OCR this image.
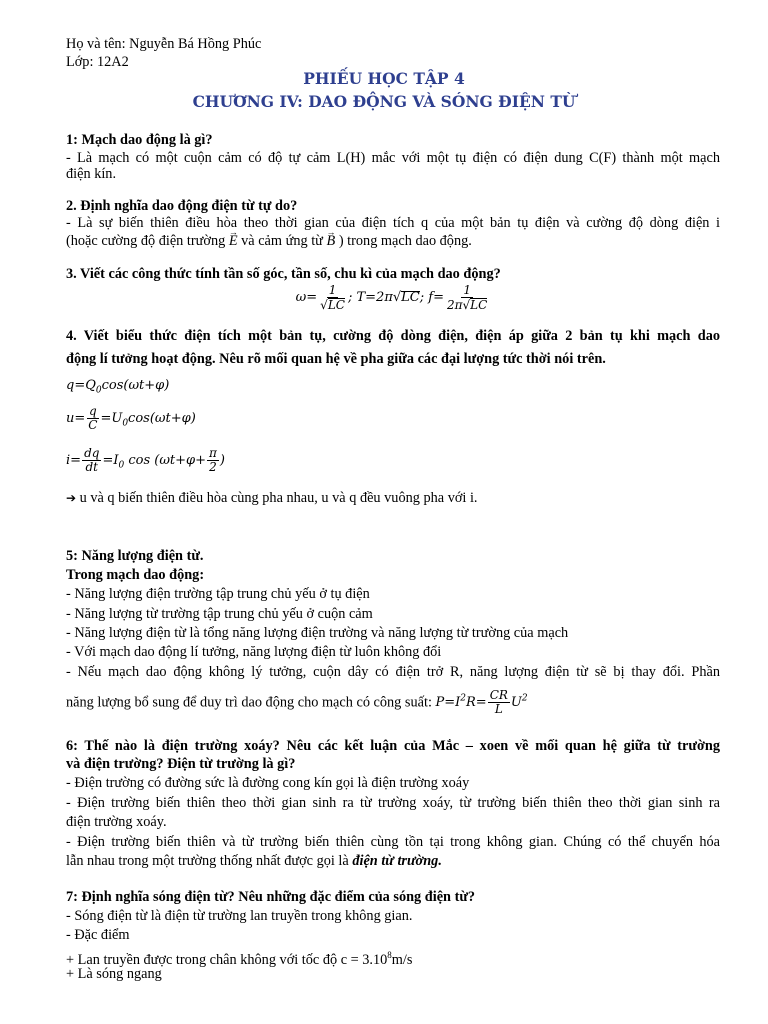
Họ và tên: Nguyễn Bá Hồng Phúc
Lớp: 12A2
PHIẾU HỌC TẬP 4
CHƯƠNG IV: DAO ĐỘNG VÀ SÓNG ĐIỆN TỪ
1: Mạch dao động là gì?
- Là mạch có một cuộn cảm có độ tự cảm L(H) mắc với một tụ điện có điện dung C(F) thành một mạch
điện kín.
2. Định nghĩa dao động điện từ tự do?
- Là sự biến thiên điều hòa theo thời gian của điện tích q của một bản tụ điện và cường độ dòng điện i
(hoặc cường độ điện trường → E và cảm ứng từ → B ) trong mạch dao động.
3. Viết các công thức tính tần số góc, tần số, chu kì của mạch dao động?
$\omega= \frac{1}{√LC}$ ; T=2π√LC; $f= \frac{1}{2\pi√LC}$
4. Viết biểu thức điện tích một bản tụ, cường độ dòng điện, điện áp giữa 2 bản tụ khi mạch dao
động lí tưởng hoạt động. Nêu rõ mối quan hệ về pha giữa các đại lượng tức thời nói trên.
$q=Q_0\cos(\omega t+\varphi)$
$u= \frac{q}{C} =U_0\cos(\omega t+\varphi)$
$i= \frac{dq}{dt} =I_0$ $\cos (\omega t+\varphi+ \frac{\pi}{2}$ )
➔ u và q biến thiên điều hòa cùng pha nhau, u và q đều vuông pha với i.
5: Năng lượng điện từ.
Trong mạch dao động:
- Năng lượng điện trường tập trung chủ yếu ở tụ điện
- Năng lượng từ trường tập trung chủ yếu ở cuộn cảm
- Năng lượng điện từ là tổng năng lượng điện trường và năng lượng từ trường của mạch
- Với mạch dao động lí tưởng, năng lượng điện từ luôn không đổi
- Nếu mạch dao động không lý tưởng, cuộn dây có điện trở R, năng lượng điện từ sẽ bị thay đổi. Phần
năng lượng bổ sung để duy trì dao động cho mạch có công suất: $P=I^2R= \frac{CR}{L} U^2$
6: Thế nào là điện trường xoáy? Nêu các kết luận của Mắc – xoen về mối quan hệ giữa từ trường
và điện trường? Điện từ trường là gì?
- Điện trường có đường sức là đường cong kín gọi là điện trường xoáy
- Điện trường biến thiên theo thời gian sinh ra từ trường xoáy, từ trường biến thiên theo thời gian sinh ra
điện trường xoáy.
- Điện trường biến thiên và từ trường biến thiên cùng tồn tại trong không gian. Chúng có thể chuyển hóa
lẫn nhau trong một trường thống nhất được gọi là điện từ trường.
7: Định nghĩa sóng điện từ? Nêu những đặc điểm của sóng điện từ?
- Sóng điện từ là điện từ trường lan truyền trong không gian.
- Đặc điểm
+ Lan truyền được trong chân không với tốc độ $c = 3.10^8m/s$
+ Là sóng ngang
